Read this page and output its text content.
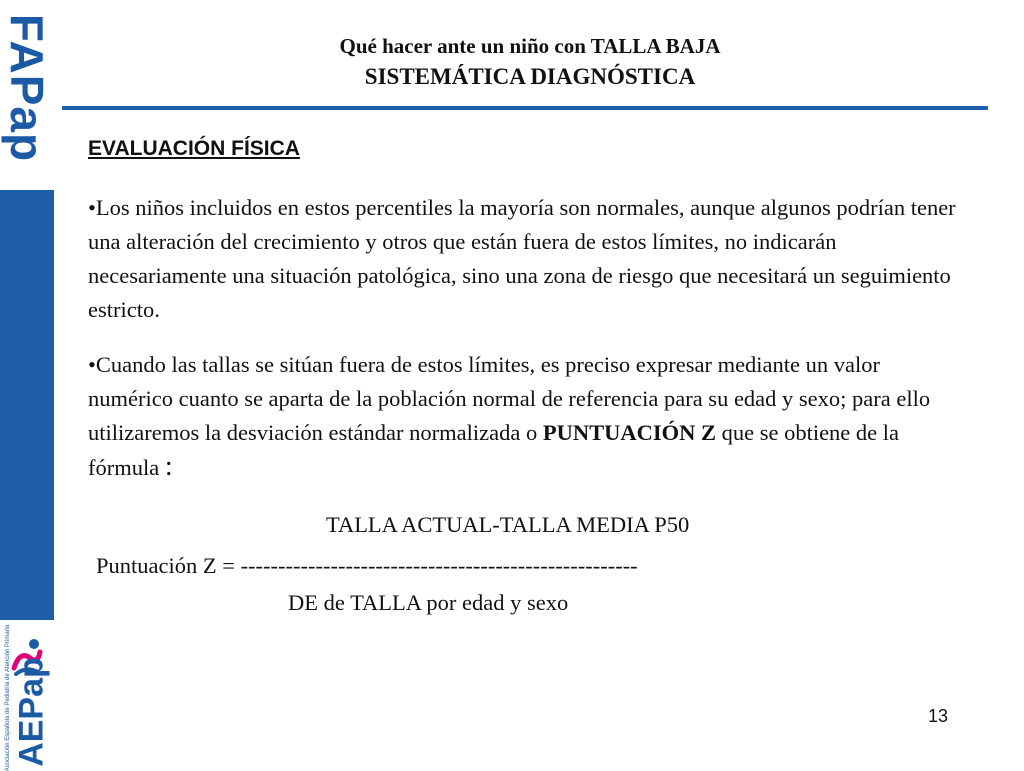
FAPap
Asociación Española de Pediatría de Atención Primaria AEPap
Qué hacer ante un niño con TALLA BAJA
SISTEMÁTICA DIAGNÓSTICA
EVALUACIÓN FÍSICA

•Los niños incluidos en estos percentiles la mayoría son normales, aunque algunos podrían tener una alteración del crecimiento y otros que están fuera de estos límites, no indicarán necesariamente una situación patológica, sino una zona de riesgo que necesitará un seguimiento estricto.

•Cuando las tallas se sitúan fuera de estos límites, es preciso expresar mediante un valor numérico cuanto se aparta de la población normal de referencia para su edad y sexo; para ello utilizaremos la desviación estándar normalizada o PUNTUACIÓN Z que se obtiene de la fórmula :

TALLA ACTUAL-TALLA MEDIA P50
Puntuación Z = -----------------------------------------------------
DE de TALLA por edad y sexo
13
